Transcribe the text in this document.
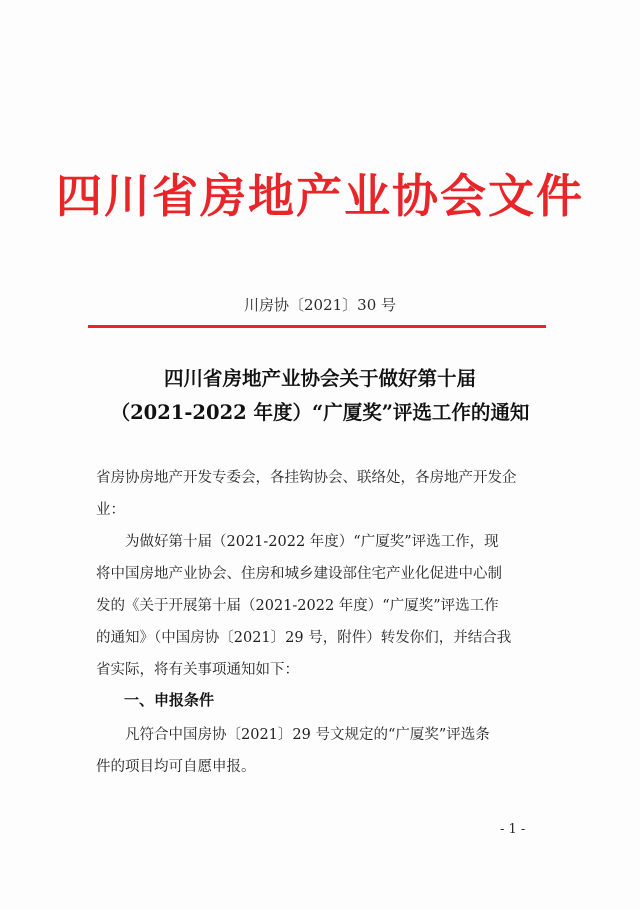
四川省房地产业协会文件
川房协〔2021〕30 号
四川省房地产业协会关于做好第十届
（2021-2022 年度）“广厦奖”评选工作的通知
省房协房地产开发专委会，各挂钩协会、联络处，各房地产开发企
业：
　　为做好第十届（2021-2022 年度）“广厦奖”评选工作，现
将中国房地产业协会、住房和城乡建设部住宅产业化促进中心制
发的《关于开展第十届（2021-2022 年度）“广厦奖”评选工作
的通知》（中国房协〔2021〕29 号，附件）转发你们，并结合我
省实际，将有关事项通知如下：
一、申报条件
　　凡符合中国房协〔2021〕29 号文规定的“广厦奖”评选条
件的项目均可自愿申报。
- 1 -
